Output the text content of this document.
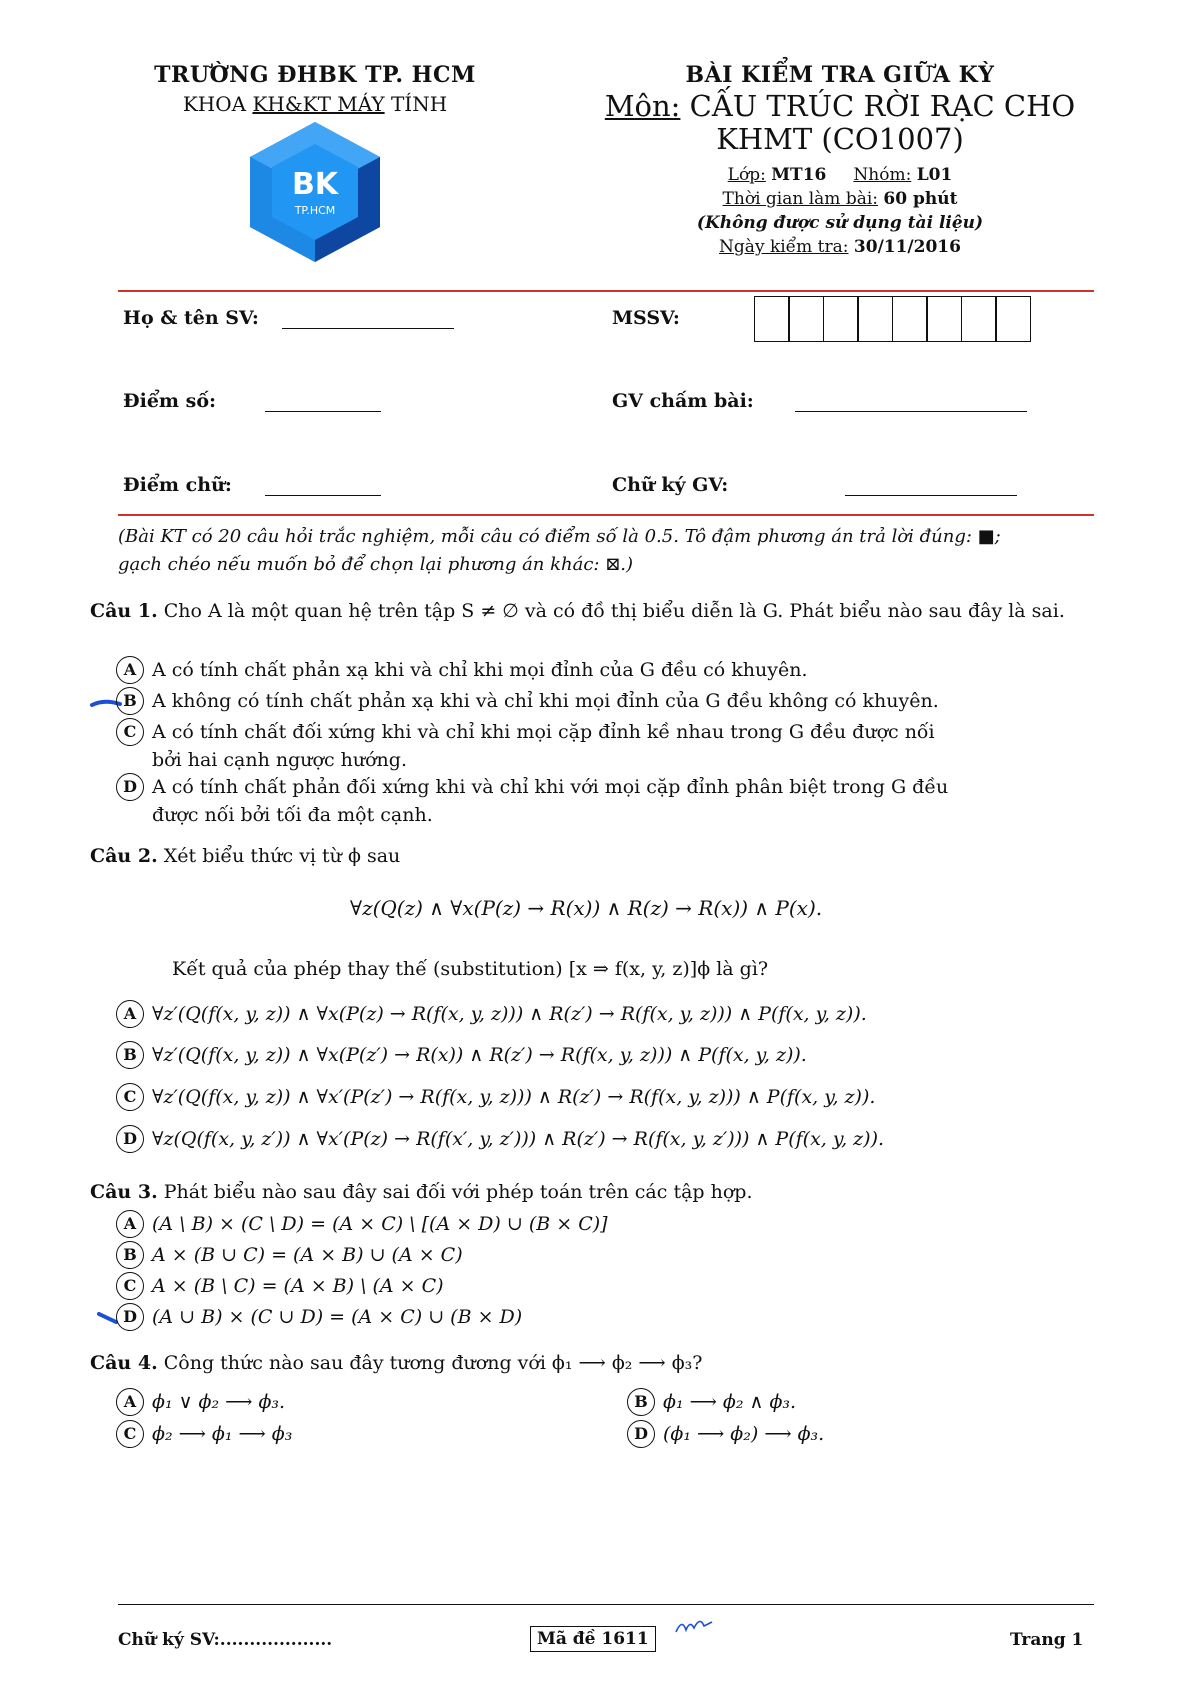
TRƯỜNG ĐHBK TP. HCM
KHOA KH&KT MÁY TÍNH
BK
TP.HCM
BÀI KIỂM TRA GIỮA KỲ
Môn: CẤU TRÚC RỜI RẠC CHO KHMT (CO1007)
Lớp: MT16 Nhóm: L01
Thời gian làm bài: 60 phút
(Không được sử dụng tài liệu)
Ngày kiểm tra: 30/11/2016
Họ & tên SV:	MSSV:
Điểm số:	GV chấm bài:
Điểm chữ:	Chữ ký GV:
(Bài KT có 20 câu hỏi trắc nghiệm, mỗi câu có điểm số là 0.5. Tô đậm phương án trả lời đúng: ■;
gạch chéo nếu muốn bỏ để chọn lại phương án khác: ⊠.)
Câu 1. Cho A là một quan hệ trên tập S ≠ ∅ và có đồ thị biểu diễn là G. Phát biểu nào sau đây là sai.
A A có tính chất phản xạ khi và chỉ khi mọi đỉnh của G đều có khuyên.
B A không có tính chất phản xạ khi và chỉ khi mọi đỉnh của G đều không có khuyên.
C A có tính chất đối xứng khi và chỉ khi mọi cặp đỉnh kề nhau trong G đều được nối
bởi hai cạnh ngược hướng.
D A có tính chất phản đối xứng khi và chỉ khi với mọi cặp đỉnh phân biệt trong G đều
được nối bởi tối đa một cạnh.
Câu 2. Xét biểu thức vị từ ϕ sau
∀z(Q(z) ∧ ∀x(P(z) → R(x)) ∧ R(z) → R(x)) ∧ P(x).
Kết quả của phép thay thế (substitution) [x ⇒ f(x, y, z)]ϕ là gì?
A ∀z′(Q(f(x, y, z)) ∧ ∀x(P(z) → R(f(x, y, z))) ∧ R(z′) → R(f(x, y, z))) ∧ P(f(x, y, z)).
B ∀z′(Q(f(x, y, z)) ∧ ∀x(P(z′) → R(x)) ∧ R(z′) → R(f(x, y, z))) ∧ P(f(x, y, z)).
C ∀z′(Q(f(x, y, z)) ∧ ∀x′(P(z′) → R(f(x, y, z))) ∧ R(z′) → R(f(x, y, z))) ∧ P(f(x, y, z)).
D ∀z(Q(f(x, y, z′)) ∧ ∀x′(P(z) → R(f(x′, y, z′))) ∧ R(z′) → R(f(x, y, z′))) ∧ P(f(x, y, z)).
Câu 3. Phát biểu nào sau đây sai đối với phép toán trên các tập hợp.
A (A \ B) × (C \ D) = (A × C) \ [(A × D) ∪ (B × C)]
B A × (B ∪ C) = (A × B) ∪ (A × C)
C A × (B \ C) = (A × B) \ (A × C)
D (A ∪ B) × (C ∪ D) = (A × C) ∪ (B × D)
Câu 4. Công thức nào sau đây tương đương với ϕ₁ ⟶ ϕ₂ ⟶ ϕ₃?
A ϕ₁ ∨ ϕ₂ ⟶ ϕ₃.	B ϕ₁ ⟶ ϕ₂ ∧ ϕ₃.
C ϕ₂ ⟶ ϕ₁ ⟶ ϕ₃	D (ϕ₁ ⟶ ϕ₂) ⟶ ϕ₃.
Chữ ký SV:...................	Mã đề 1611	Trang 1
